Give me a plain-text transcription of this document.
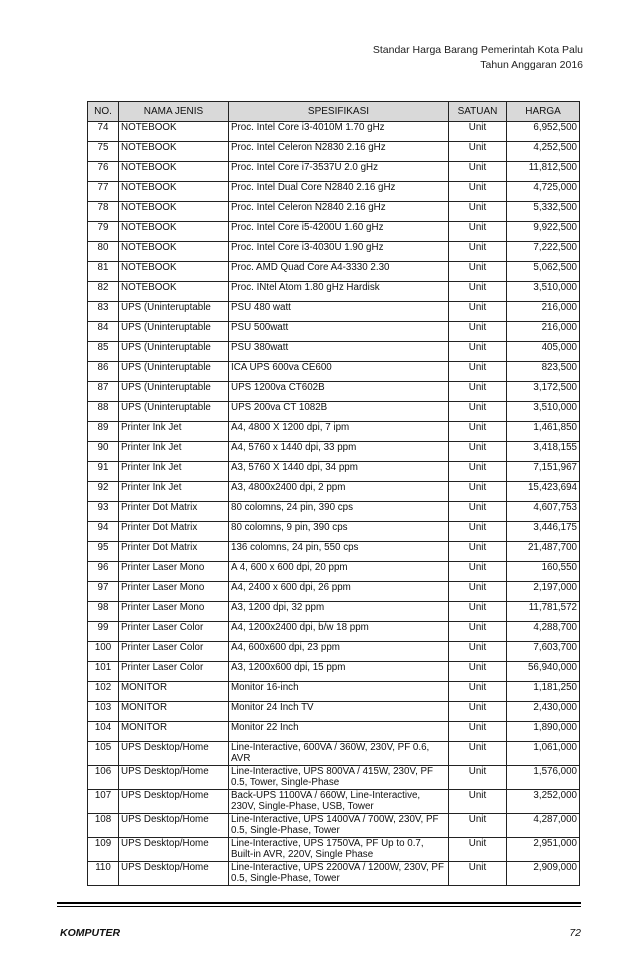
Standar Harga Barang Pemerintah Kota Palu
Tahun Anggaran 2016
NO.	NAMA JENIS	SPESIFIKASI	SATUAN	HARGA
74	NOTEBOOK	Proc. Intel Core i3-4010M 1.70 gHz	Unit	6,952,500
75	NOTEBOOK	Proc. Intel Celeron N2830 2.16 gHz	Unit	4,252,500
76	NOTEBOOK	Proc. Intel Core i7-3537U 2.0 gHz	Unit	11,812,500
77	NOTEBOOK	Proc. Intel Dual Core N2840 2.16 gHz	Unit	4,725,000
78	NOTEBOOK	Proc. Intel Celeron N2840 2.16 gHz	Unit	5,332,500
79	NOTEBOOK	Proc. Intel Core i5-4200U 1.60 gHz	Unit	9,922,500
80	NOTEBOOK	Proc. Intel Core i3-4030U 1.90 gHz	Unit	7,222,500
81	NOTEBOOK	Proc. AMD Quad Core A4-3330 2.30	Unit	5,062,500
82	NOTEBOOK	Proc. INtel Atom 1.80 gHz Hardisk	Unit	3,510,000
83	UPS (Uninteruptable	PSU 480 watt	Unit	216,000
84	UPS (Uninteruptable	PSU 500watt	Unit	216,000
85	UPS (Uninteruptable	PSU 380watt	Unit	405,000
86	UPS (Uninteruptable	ICA UPS 600va CE600	Unit	823,500
87	UPS (Uninteruptable	UPS 1200va CT602B	Unit	3,172,500
88	UPS (Uninteruptable	UPS 200va CT 1082B	Unit	3,510,000
89	Printer Ink Jet	A4, 4800 X 1200 dpi, 7 ipm	Unit	1,461,850
90	Printer Ink Jet	A4, 5760 x 1440 dpi, 33 ppm	Unit	3,418,155
91	Printer Ink Jet	A3, 5760 X 1440 dpi, 34 ppm	Unit	7,151,967
92	Printer Ink Jet	A3, 4800x2400 dpi, 2 ppm	Unit	15,423,694
93	Printer Dot Matrix	80 colomns, 24 pin, 390 cps	Unit	4,607,753
94	Printer Dot Matrix	80 colomns, 9 pin, 390 cps	Unit	3,446,175
95	Printer Dot Matrix	136 colomns, 24 pin, 550 cps	Unit	21,487,700
96	Printer Laser Mono	A 4, 600 x 600 dpi, 20 ppm	Unit	160,550
97	Printer Laser Mono	A4, 2400 x 600 dpi, 26 ppm	Unit	2,197,000
98	Printer Laser Mono	A3, 1200 dpi, 32 ppm	Unit	11,781,572
99	Printer Laser Color	A4, 1200x2400 dpi, b/w 18 ppm	Unit	4,288,700
100	Printer Laser Color	A4, 600x600 dpi, 23 ppm	Unit	7,603,700
101	Printer Laser Color	A3, 1200x600 dpi, 15 ppm	Unit	56,940,000
102	MONITOR	Monitor 16-inch	Unit	1,181,250
103	MONITOR	Monitor 24 Inch TV	Unit	2,430,000
104	MONITOR	Monitor 22 Inch	Unit	1,890,000
105	UPS Desktop/Home	Line-Interactive, 600VA / 360W, 230V, PF 0.6, AVR	Unit	1,061,000
106	UPS Desktop/Home	Line-Interactive, UPS 800VA / 415W, 230V, PF 0.5, Tower, Single-Phase	Unit	1,576,000
107	UPS Desktop/Home	Back-UPS 1100VA / 660W, Line-Interactive, 230V, Single-Phase, USB, Tower	Unit	3,252,000
108	UPS Desktop/Home	Line-Interactive, UPS 1400VA / 700W, 230V, PF 0.5, Single-Phase, Tower	Unit	4,287,000
109	UPS Desktop/Home	Line-Interactive, UPS 1750VA, PF Up to 0.7, Built-in AVR, 220V, Single Phase	Unit	2,951,000
110	UPS Desktop/Home	Line-Interactive, UPS 2200VA / 1200W, 230V, PF 0.5, Single-Phase, Tower	Unit	2,909,000
KOMPUTER	72
